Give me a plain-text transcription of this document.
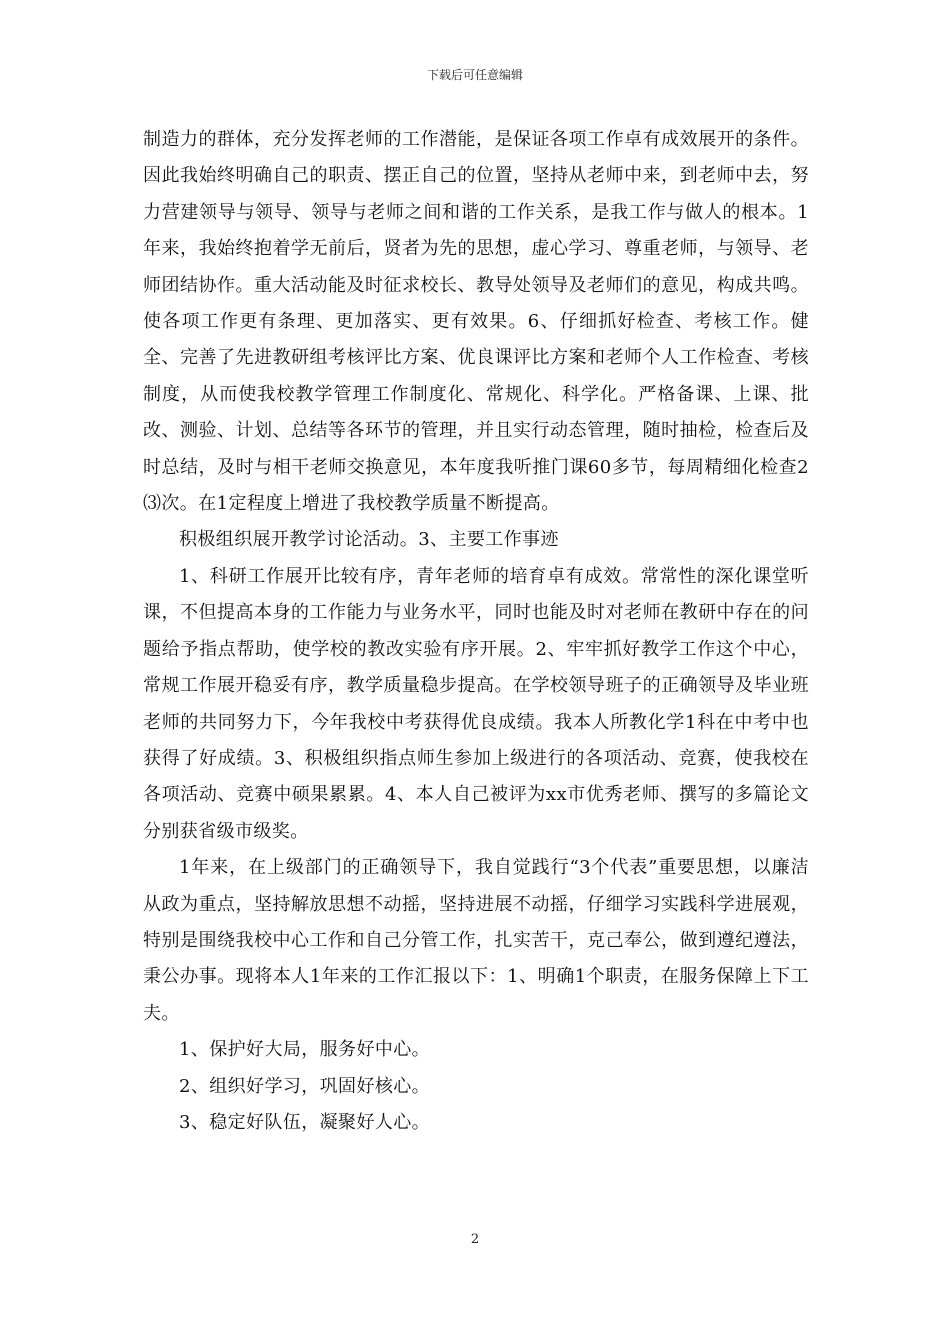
下载后可任意编辑

制造力的群体，充分发挥老师的工作潜能，是保证各项工作卓有成效展开的条件。因此我始终明确自己的职责、摆正自己的位置，坚持从老师中来，到老师中去，努力营建领导与领导、领导与老师之间和谐的工作关系，是我工作与做人的根本。1年来，我始终抱着学无前后，贤者为先的思想，虚心学习、尊重老师，与领导、老师团结协作。重大活动能及时征求校长、教导处领导及老师们的意见，构成共鸣。使各项工作更有条理、更加落实、更有效果。6、仔细抓好检查、考核工作。健全、完善了先进教研组考核评比方案、优良课评比方案和老师个人工作检查、考核制度，从而使我校教学管理工作制度化、常规化、科学化。严格备课、上课、批改、测验、计划、总结等各环节的管理，并且实行动态管理，随时抽检，检查后及时总结，及时与相干老师交换意见，本年度我听推门课60多节，每周精细化检查2⑶次。在1定程度上增进了我校教学质量不断提高。

积极组织展开教学讨论活动。3、主要工作事迹

1、科研工作展开比较有序，青年老师的培育卓有成效。常常性的深化课堂听课，不但提高本身的工作能力与业务水平，同时也能及时对老师在教研中存在的问题给予指点帮助，使学校的教改实验有序开展。2、牢牢抓好教学工作这个中心，常规工作展开稳妥有序，教学质量稳步提高。在学校领导班子的正确领导及毕业班老师的共同努力下，今年我校中考获得优良成绩。我本人所教化学1科在中考中也获得了好成绩。3、积极组织指点师生参加上级进行的各项活动、竞赛，使我校在各项活动、竞赛中硕果累累。4、本人自己被评为xx市优秀老师、撰写的多篇论文分别获省级市级奖。

1年来，在上级部门的正确领导下，我自觉践行“3个代表”重要思想，以廉洁从政为重点，坚持解放思想不动摇，坚持进展不动摇，仔细学习实践科学进展观，特别是围绕我校中心工作和自己分管工作，扎实苦干，克己奉公，做到遵纪遵法，秉公办事。现将本人1年来的工作汇报以下：1、明确1个职责，在服务保障上下工夫。

1、保护好大局，服务好中心。

2、组织好学习，巩固好核心。

3、稳定好队伍，凝聚好人心。

2
